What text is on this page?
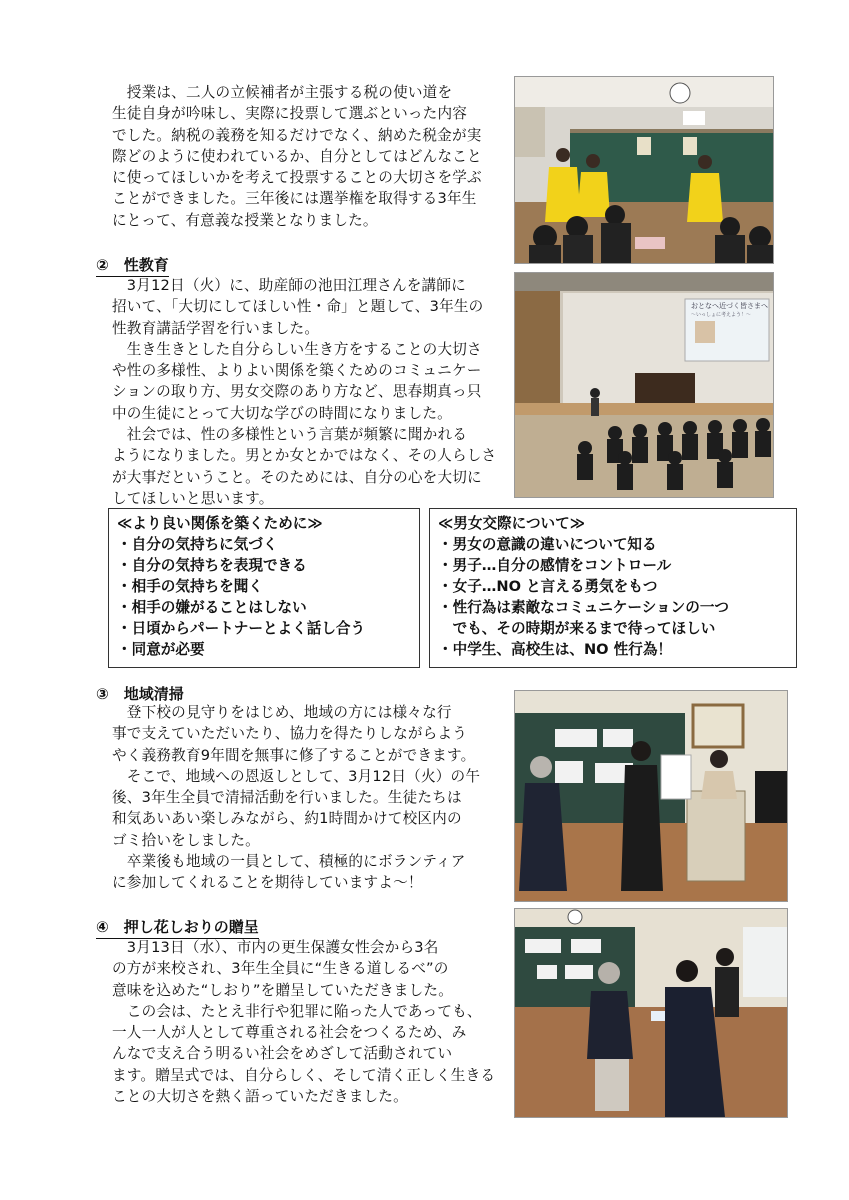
　授業は、二人の立候補者が主張する税の使い道を
生徒自身が吟味し、実際に投票して選ぶといった内容
でした。納税の義務を知るだけでなく、納めた税金が実
際どのように使われているか、自分としてはどんなこと
に使ってほしいかを考えて投票することの大切さを学ぶ
ことができました。三年後には選挙権を取得する3年生
にとって、有意義な授業となりました。
②　性教育
　3月12日（火）に、助産師の池田江理さんを講師に
招いて、「大切にしてほしい性・命」と題して、3年生の
性教育講話学習を行いました。
　生き生きとした自分らしい生き方をすることの大切さ
や性の多様性、よりよい関係を築くためのコミュニケー
ションの取り方、男女交際のあり方など、思春期真っ只
中の生徒にとって大切な学びの時間になりました。
　社会では、性の多様性という言葉が頻繁に聞かれる
ようになりました。男とか女とかではなく、その人らしさ
が大事だということ。そのためには、自分の心を大切に
してほしいと思います。
おとなへ近づく皆さまへ
～いっしょに考えよう！～
≪より良い関係を築くために≫
・自分の気持ちに気づく
・自分の気持ちを表現できる
・相手の気持ちを聞く
・相手の嫌がることはしない
・日頃からパートナーとよく話し合う
・同意が必要
≪男女交際について≫
・男女の意識の違いについて知る
・男子…自分の感情をコントロール
・女子…NO と言える勇気をもつ
・性行為は素敵なコミュニケーションの一つ
　でも、その時期が来るまで待ってほしい
・中学生、高校生は、NO 性行為！
③　地域清掃
　登下校の見守りをはじめ、地域の方には様々な行
事で支えていただいたり、協力を得たりしながらよう
やく義務教育9年間を無事に修了することができます。
　そこで、地域への恩返しとして、3月12日（火）の午
後、3年生全員で清掃活動を行いました。生徒たちは
和気あいあい楽しみながら、約1時間かけて校区内の
ゴミ拾いをしました。
　卒業後も地域の一員として、積極的にボランティア
に参加してくれることを期待していますよ～！
④　押し花しおりの贈呈
　3月13日（水）、市内の更生保護女性会から3名
の方が来校され、3年生全員に“生きる道しるべ”の
意味を込めた“しおり”を贈呈していただきました。
　この会は、たとえ非行や犯罪に陥った人であっても、
一人一人が人として尊重される社会をつくるため、み
んなで支え合う明るい社会をめざして活動されてい
ます。贈呈式では、自分らしく、そして清く正しく生きる
ことの大切さを熱く語っていただきました。
